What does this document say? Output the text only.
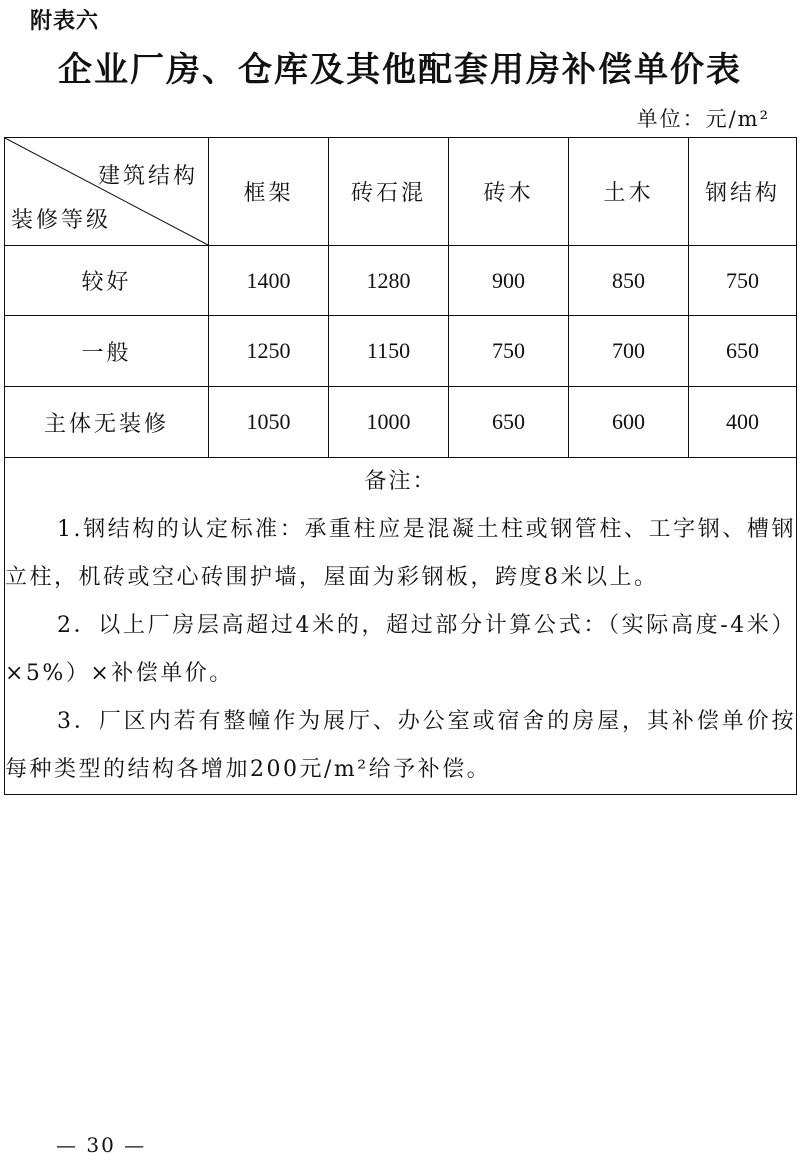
附表六
企业厂房、仓库及其他配套用房补偿单价表
单位：元/m²
建筑结构
装修等级	框架	砖石混	砖木	土木	钢结构
较好	1400	1280	900	850	750
一般	1250	1150	750	700	650
主体无装修	1050	1000	650	600	400

备注：
1.钢结构的认定标准：承重柱应是混凝土柱或钢管柱、工字钢、槽钢立柱，机砖或空心砖围护墙，屋面为彩钢板，跨度8米以上。
2．以上厂房层高超过4米的，超过部分计算公式：（实际高度-4米）×5%）×补偿单价。
3．厂区内若有整幢作为展厅、办公室或宿舍的房屋，其补偿单价按每种类型的结构各增加200元/m²给予补偿。					
— 30 —
